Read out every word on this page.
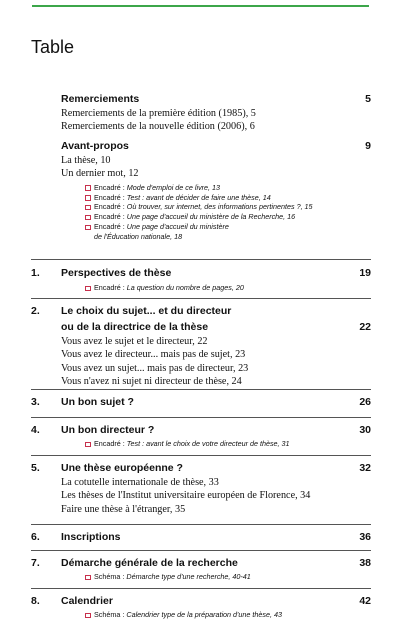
Table
Remerciements	5
Remerciements de la première édition (1985), 5
Remerciements de la nouvelle édition (2006), 6
Avant-propos	9
La thèse, 10
Un dernier mot, 12
Encadré : Mode d'emploi de ce livre, 13
Encadré : Test : avant de décider de faire une thèse, 14
Encadré : Où trouver, sur internet, des informations pertinentes ?, 15
Encadré : Une page d'accueil du ministère de la Recherche, 16
Encadré : Une page d'accueil du ministère
de l'Éducation nationale, 18
1. Perspectives de thèse	19
Encadré : La question du nombre de pages, 20
2. Le choix du sujet... et du directeur
ou de la directrice de la thèse	22
Vous avez le sujet et le directeur, 22
Vous avez le directeur... mais pas de sujet, 23
Vous avez un sujet... mais pas de directeur, 23
Vous n'avez ni sujet ni directeur de thèse, 24
3. Un bon sujet ?	26
4. Un bon directeur ?	30
Encadré : Test : avant le choix de votre directeur de thèse, 31
5. Une thèse européenne ?	32
La cotutelle internationale de thèse, 33
Les thèses de l'Institut universitaire européen de Florence, 34
Faire une thèse à l'étranger, 35
6. Inscriptions	36
7. Démarche générale de la recherche	38
Schéma : Démarche type d'une recherche, 40-41
8. Calendrier	42
Schéma : Calendrier type de la préparation d'une thèse, 43
